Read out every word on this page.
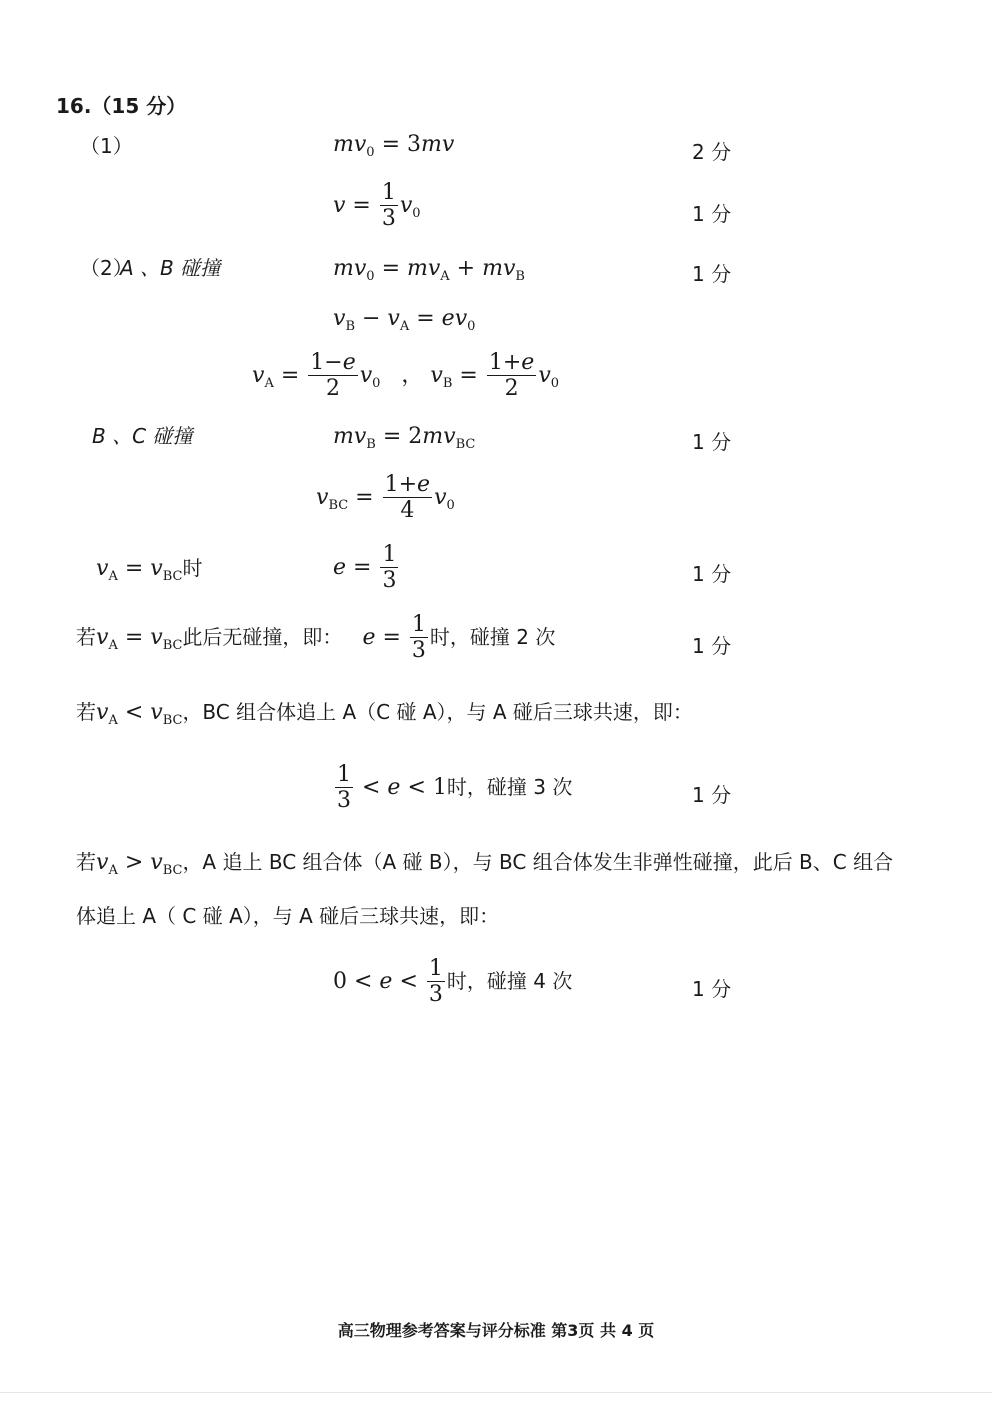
16.（15 分）
（1）	$mv_0 = 3mv$	2 分
$v = \frac{1}{3} v_0$	1 分
（2）
A 、B 碰撞	$mv_0 = mv_A + mv_B$	1 分
$v_B - v_A = ev_0$
$v_A = \frac{1-e}{2} v_0$   ， $v_B = \frac{1+e}{2} v_0$
B 、C 碰撞	$mv_B = 2mv_{BC}$	1 分
$v_{BC} = \frac{1+e}{4} v_0$
$v_A = v_{BC}$时	$e = \frac{1}{3}$	1 分
若$v_A = v_{BC}$此后无碰撞，即： $e = \frac{1}{3}$ 时，碰撞 2 次	1 分
若$v_A < v_{BC}$，BC 组合体追上 A（C 碰 A），与 A 碰后三球共速，即：
$\frac{1}{3} < e < 1$时，碰撞 3 次	1 分
若$v_A > v_{BC}$，A 追上 BC 组合体（A 碰 B），与 BC 组合体发生非弹性碰撞，此后 B、C 组合
体追上 A（ C 碰 A），与 A 碰后三球共速，即：
$0 < e < \frac{1}{3}$ 时，碰撞 4 次	1 分
高三物理参考答案与评分标准 第3页 共 4 页
